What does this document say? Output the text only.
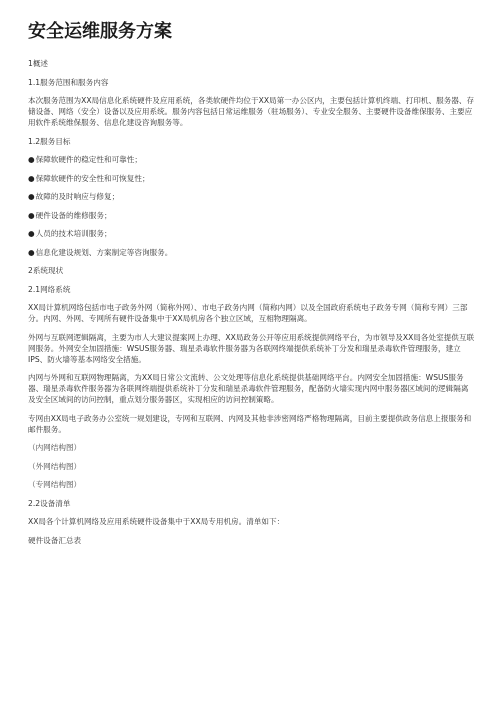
安全运维服务方案

1概述

1.1服务范围和服务内容

本次服务范围为XX局信息化系统硬件及应用系统，各类软硬件均位于XX局第一办公区内，主要包括计算机终端、打印机、服务器、存储设备、网络（安全）设备以及应用系统。服务内容包括日常运维服务（驻场服务）、专业安全服务、主要硬件设备维保服务、主要应用软件系统维保服务、信息化建设咨询服务等。

1.2服务目标

● 保障软硬件的稳定性和可靠性；

● 保障软硬件的安全性和可恢复性；

● 故障的及时响应与修复；

● 硬件设备的维修服务；

● 人员的技术培训服务；

● 信息化建设规划、方案制定等咨询服务。

2系统现状

2.1网络系统

XX局计算机网络包括市电子政务外网（简称外网）、市电子政务内网（简称内网）以及全国政府系统电子政务专网（简称专网）三部分。内网、外网、专网所有硬件设备集中于XX局机房各个独立区域，互相物理隔离。

外网与互联网逻辑隔离，主要为市人大建议提案网上办理、XX局政务公开等应用系统提供网络平台，为市领导及XX局各处室提供互联网服务。外网安全加固措施：WSUS服务器、瑞星杀毒软件服务器为各联网终端提供系统补丁分发和瑞星杀毒软件管理服务，建立IPS、防火墙等基本网络安全措施。

内网与外网和互联网物理隔离，为XX局日常公文流转、公文处理等信息化系统提供基础网络平台。内网安全加固措施：WSUS服务器、瑞星杀毒软件服务器为各联网终端提供系统补丁分发和瑞星杀毒软件管理服务，配备防火墙实现内网中服务器区域间的逻辑隔离及安全区域间的访问控制，重点划分服务器区，实现相应的访问控制策略。

专网由XX局电子政务办公室统一规划建设，专网和互联网、内网及其他非涉密网络严格物理隔离，目前主要提供政务信息上报服务和邮件服务。

（内网结构图）

（外网结构图）

（专网结构图）

2.2设备清单

XX局各个计算机网络及应用系统硬件设备集中于XX局专用机房。清单如下：

硬件设备汇总表
